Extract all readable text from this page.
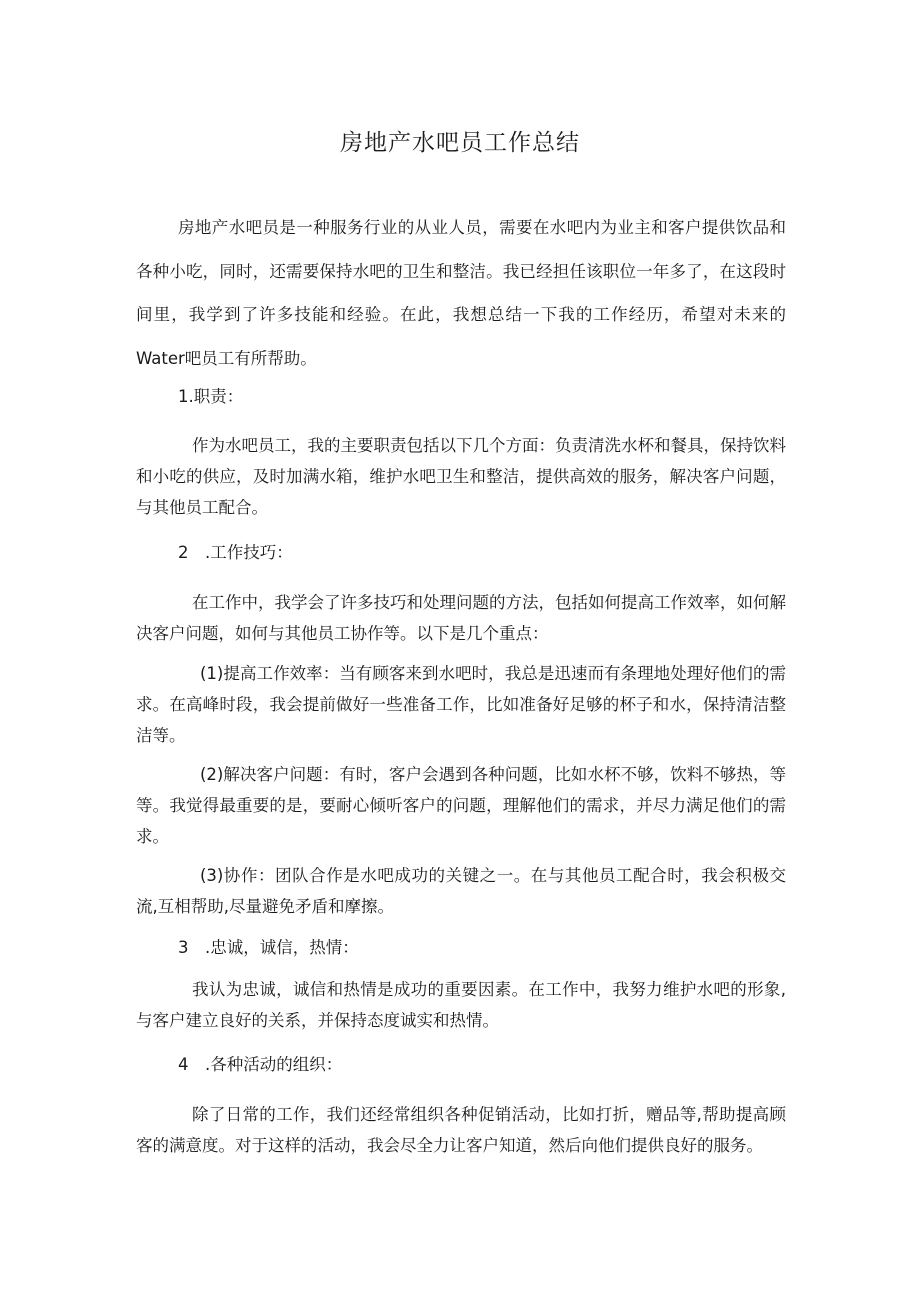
房地产水吧员工作总结

房地产水吧员是一种服务行业的从业人员，需要在水吧内为业主和客户提供饮品和各种小吃，同时，还需要保持水吧的卫生和整洁。我已经担任该职位一年多了，在这段时间里，我学到了许多技能和经验。在此，我想总结一下我的工作经历，希望对未来的Water吧员工有所帮助。

1.职责：

作为水吧员工，我的主要职责包括以下几个方面：负责清洗水杯和餐具，保持饮料和小吃的供应，及时加满水箱，维护水吧卫生和整洁，提供高效的服务，解决客户问题，与其他员工配合。

2　.工作技巧：

在工作中，我学会了许多技巧和处理问题的方法，包括如何提高工作效率，如何解决客户问题，如何与其他员工协作等。以下是几个重点：

(1)提高工作效率：当有顾客来到水吧时，我总是迅速而有条理地处理好他们的需求。在高峰时段，我会提前做好一些准备工作，比如准备好足够的杯子和水，保持清洁整洁等。

(2)解决客户问题：有时，客户会遇到各种问题，比如水杯不够，饮料不够热，等等。我觉得最重要的是，要耐心倾听客户的问题，理解他们的需求，并尽力满足他们的需求。

(3)协作：团队合作是水吧成功的关键之一。在与其他员工配合时，我会积极交流,互相帮助,尽量避免矛盾和摩擦。

3　.忠诚，诚信，热情：

我认为忠诚，诚信和热情是成功的重要因素。在工作中，我努力维护水吧的形象,与客户建立良好的关系，并保持态度诚实和热情。

4　.各种活动的组织：

除了日常的工作，我们还经常组织各种促销活动，比如打折，赠品等,帮助提高顾客的满意度。对于这样的活动，我会尽全力让客户知道，然后向他们提供良好的服务。
